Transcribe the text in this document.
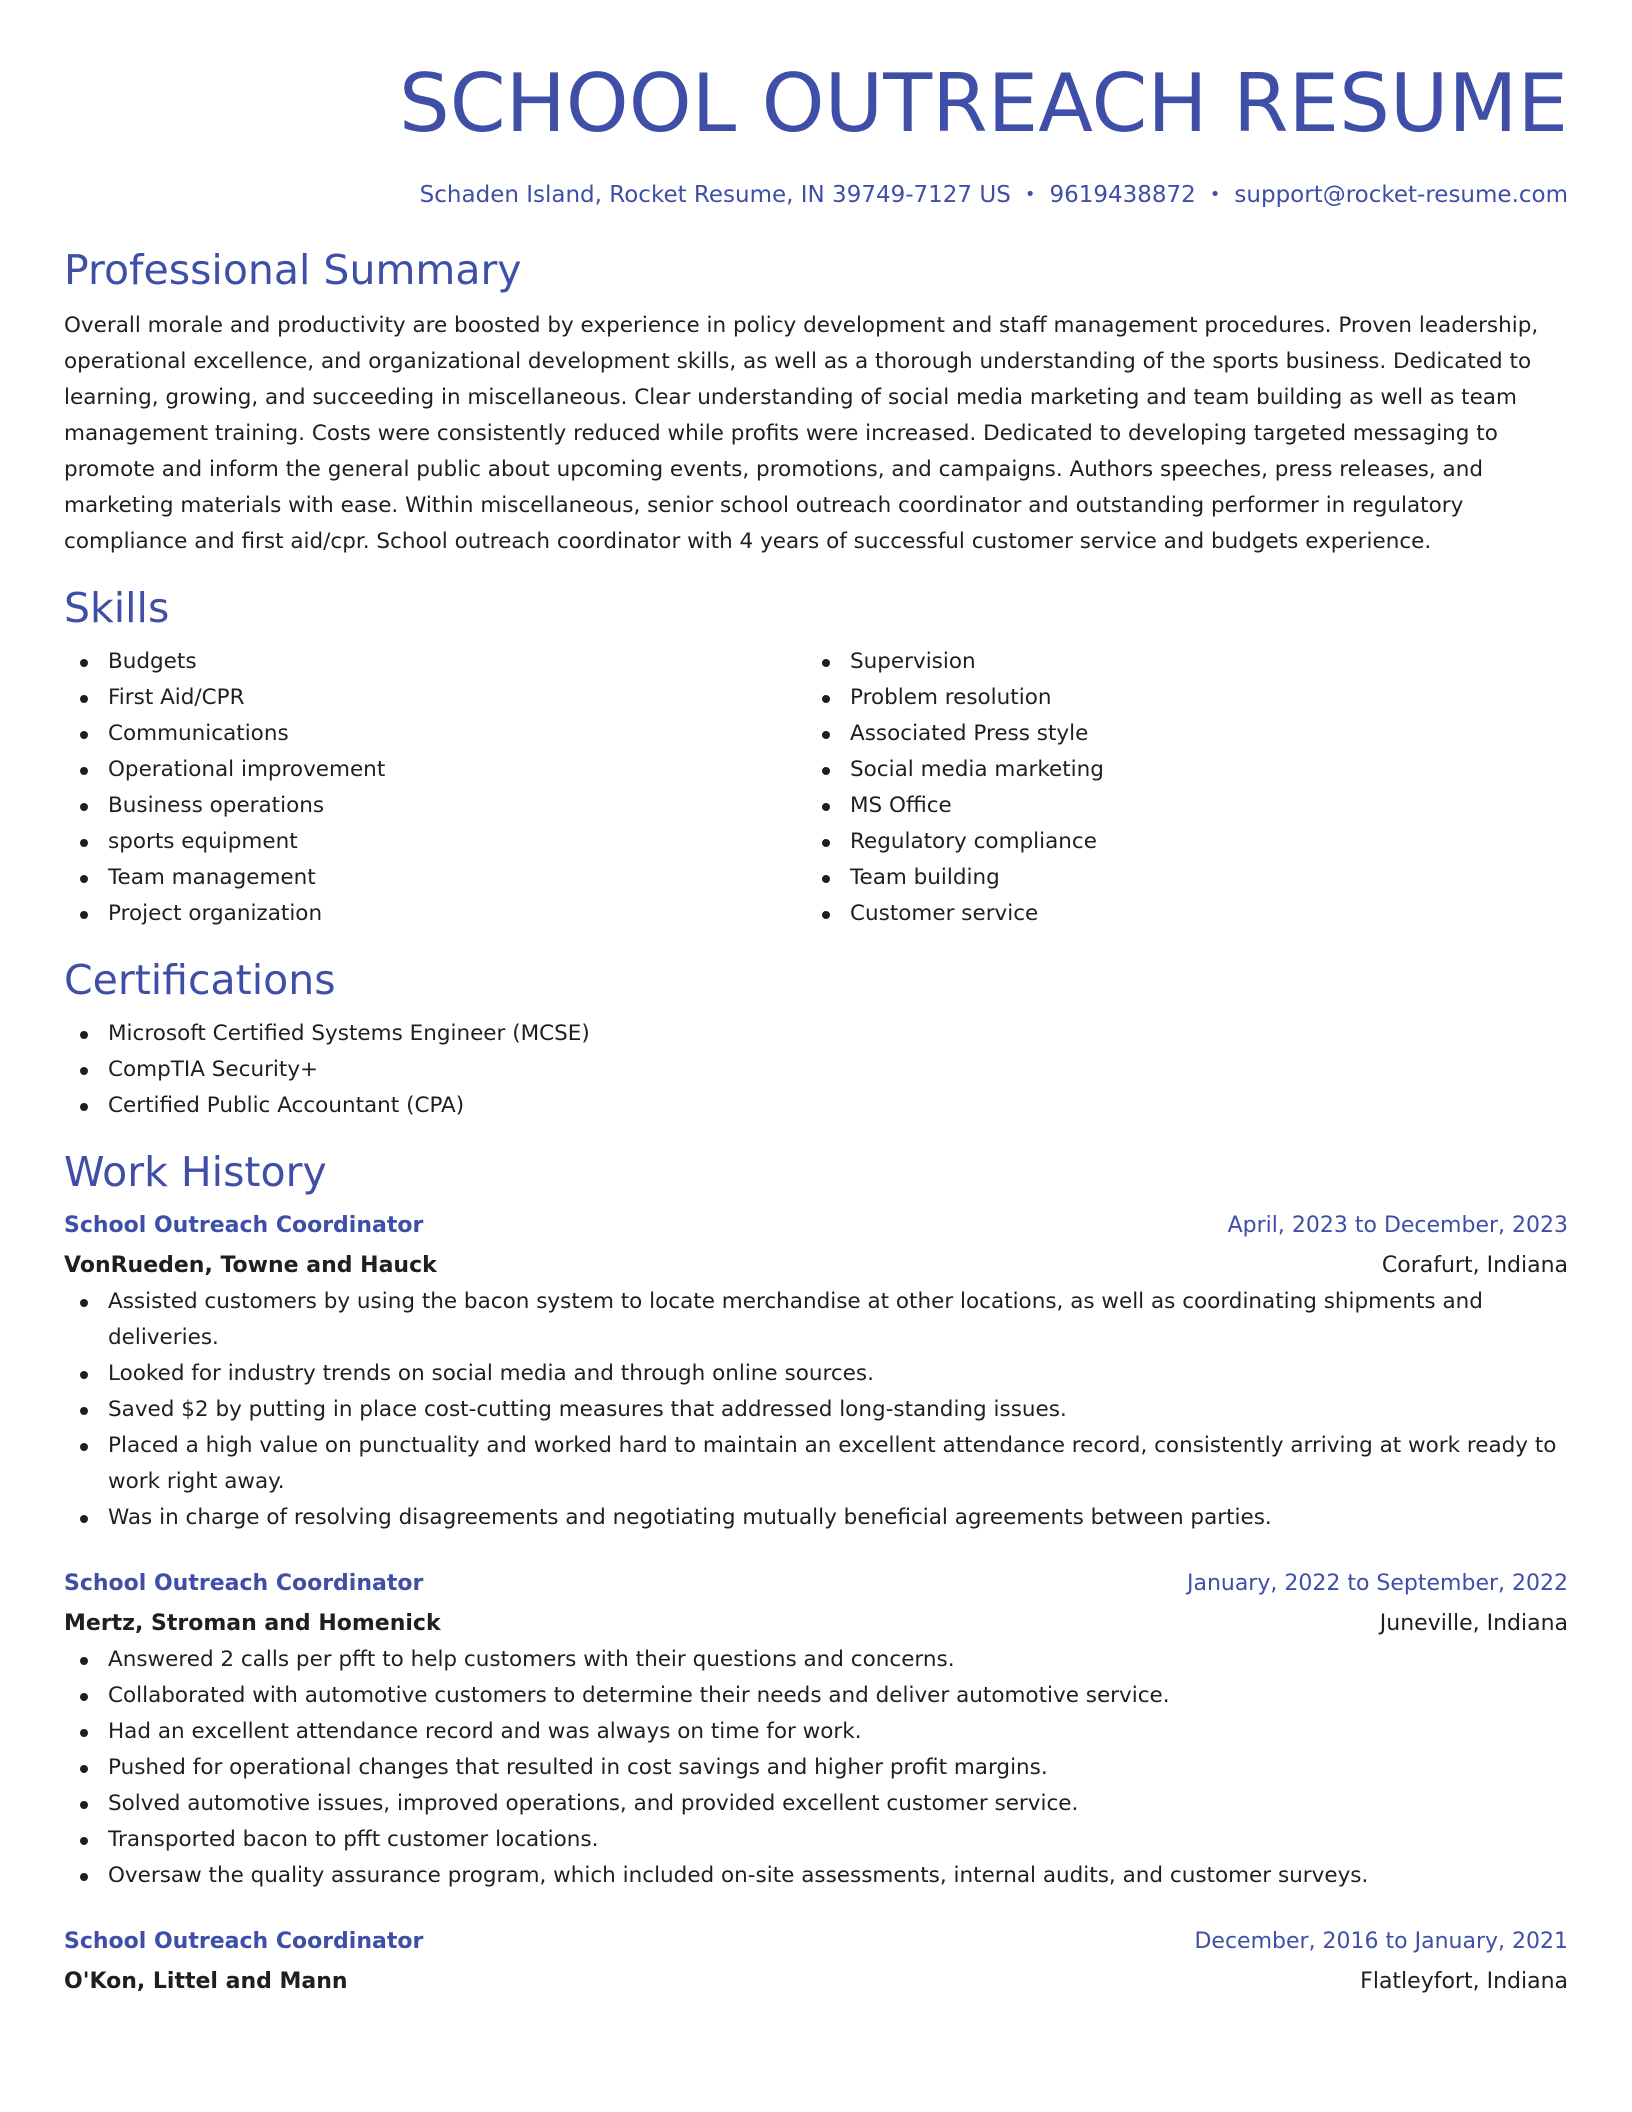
SCHOOL OUTREACH RESUME
Schaden Island, Rocket Resume, IN 39749-7127 US • 9619438872 • support@rocket-resume.com
Professional Summary

Overall morale and productivity are boosted by experience in policy development and staff management procedures. Proven leadership, operational excellence, and organizational development skills, as well as a thorough understanding of the sports business. Dedicated to learning, growing, and succeeding in miscellaneous. Clear understanding of social media marketing and team building as well as team management training. Costs were consistently reduced while profits were increased. Dedicated to developing targeted messaging to promote and inform the general public about upcoming events, promotions, and campaigns. Authors speeches, press releases, and marketing materials with ease. Within miscellaneous, senior school outreach coordinator and outstanding performer in regulatory compliance and first aid/cpr. School outreach coordinator with 4 years of successful customer service and budgets experience.

Skills
Budgets
First Aid/CPR
Communications
Operational improvement
Business operations
sports equipment
Team management
Project organization
Supervision
Problem resolution
Associated Press style
Social media marketing
MS Office
Regulatory compliance
Team building
Customer service
Certifications
Microsoft Certified Systems Engineer (MCSE)
CompTIA Security+
Certified Public Accountant (CPA)
Work History
School Outreach Coordinator	April, 2023 to December, 2023
VonRueden, Towne and Hauck	Corafurt, Indiana
Assisted customers by using the bacon system to locate merchandise at other locations, as well as coordinating shipments and deliveries.
Looked for industry trends on social media and through online sources.
Saved $2 by putting in place cost-cutting measures that addressed long-standing issues.
Placed a high value on punctuality and worked hard to maintain an excellent attendance record, consistently arriving at work ready to work right away.
Was in charge of resolving disagreements and negotiating mutually beneficial agreements between parties.
School Outreach Coordinator	January, 2022 to September, 2022
Mertz, Stroman and Homenick	Juneville, Indiana
Answered 2 calls per pfft to help customers with their questions and concerns.
Collaborated with automotive customers to determine their needs and deliver automotive service.
Had an excellent attendance record and was always on time for work.
Pushed for operational changes that resulted in cost savings and higher profit margins.
Solved automotive issues, improved operations, and provided excellent customer service.
Transported bacon to pfft customer locations.
Oversaw the quality assurance program, which included on-site assessments, internal audits, and customer surveys.
School Outreach Coordinator	December, 2016 to January, 2021
O'Kon, Littel and Mann	Flatleyfort, Indiana
